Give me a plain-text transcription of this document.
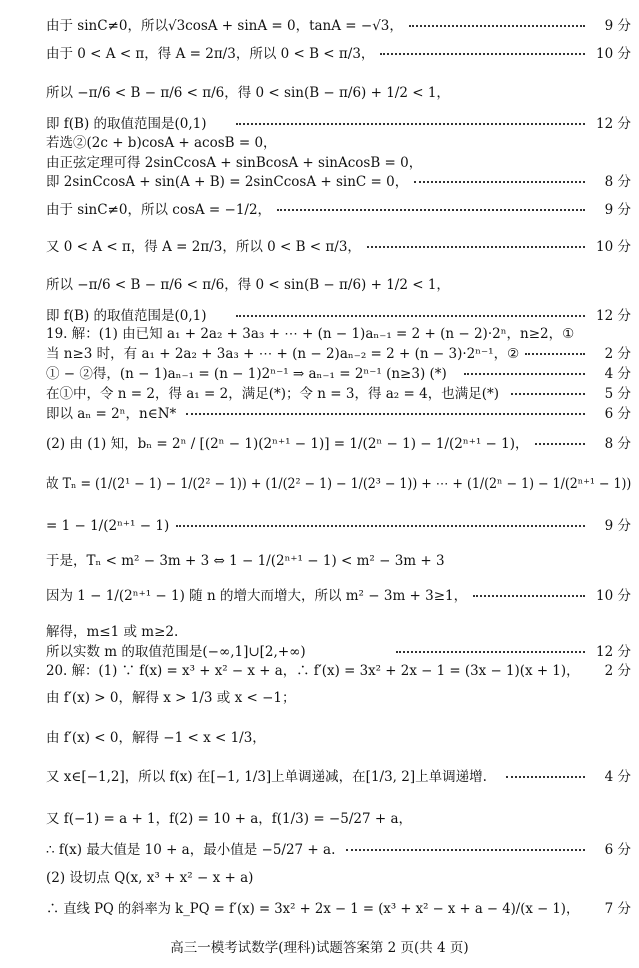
由于 sinC≠0，所以√3cosA + sinA = 0，tanA = −√3，	9 分
由于 0 < A < π，得 A = 2π/3，所以 0 < B < π/3，	10 分
所以 −π/6 < B − π/6 < π/6，得 0 < sin(B − π/6) + 1/2 < 1，
即 f(B) 的取值范围是(0,1)	12 分
若选②(2c + b)cosA + acosB = 0，
由正弦定理可得 2sinCcosA + sinBcosA + sinAcosB = 0，
即 2sinCcosA + sin(A + B) = 2sinCcosA + sinC = 0，	8 分
由于 sinC≠0，所以 cosA = −1/2，	9 分
又 0 < A < π，得 A = 2π/3，所以 0 < B < π/3，	10 分
所以 −π/6 < B − π/6 < π/6，得 0 < sin(B − π/6) + 1/2 < 1，
即 f(B) 的取值范围是(0,1)	12 分
19. 解：(1) 由已知 a₁ + 2a₂ + 3a₃ + ⋯ + (n − 1)aₙ₋₁ = 2 + (n − 2)·2ⁿ，n≥2，①
当 n≥3 时，有 a₁ + 2a₂ + 3a₃ + ⋯ + (n − 2)aₙ₋₂ = 2 + (n − 3)·2ⁿ⁻¹，②	2 分
① − ②得，(n − 1)aₙ₋₁ = (n − 1)2ⁿ⁻¹ ⇒ aₙ₋₁ = 2ⁿ⁻¹ (n≥3) (*)	4 分
在①中，令 n = 2，得 a₁ = 2，满足(*)；令 n = 3，得 a₂ = 4，也满足(*)	5 分
即以 aₙ = 2ⁿ，n∈N*	6 分
(2) 由 (1) 知，bₙ = 2ⁿ / [(2ⁿ − 1)(2ⁿ⁺¹ − 1)] = 1/(2ⁿ − 1) − 1/(2ⁿ⁺¹ − 1)，	8 分
故 Tₙ = (1/(2¹ − 1) − 1/(2² − 1)) + (1/(2² − 1) − 1/(2³ − 1)) + ⋯ + (1/(2ⁿ − 1) − 1/(2ⁿ⁺¹ − 1))
= 1 − 1/(2ⁿ⁺¹ − 1)	9 分
于是，Tₙ < m² − 3m + 3 ⇔ 1 − 1/(2ⁿ⁺¹ − 1) < m² − 3m + 3
因为 1 − 1/(2ⁿ⁺¹ − 1) 随 n 的增大而增大，所以 m² − 3m + 3≥1，	10 分
解得，m≤1 或 m≥2.
所以实数 m 的取值范围是(−∞,1]∪[2,+∞)	12 分
20. 解：(1) ∵ f(x) = x³ + x² − x + a，∴ f′(x) = 3x² + 2x − 1 = (3x − 1)(x + 1)， 2 分
由 f′(x) > 0，解得 x > 1/3 或 x < −1；
由 f′(x) < 0，解得 −1 < x < 1/3，
又 x∈[−1,2]，所以 f(x) 在[−1, 1/3]上单调递减，在[1/3, 2]上单调递增.	4 分
又 f(−1) = a + 1，f(2) = 10 + a，f(1/3) = −5/27 + a，
∴ f(x) 最大值是 10 + a，最小值是 −5/27 + a.	6 分
(2) 设切点 Q(x, x³ + x² − x + a)
∴ 直线 PQ 的斜率为 k_PQ = f′(x) = 3x² + 2x − 1 = (x³ + x² − x + a − 4)/(x − 1)， 7 分
高三一模考试数学(理科)试题答案第 2 页(共 4 页)
